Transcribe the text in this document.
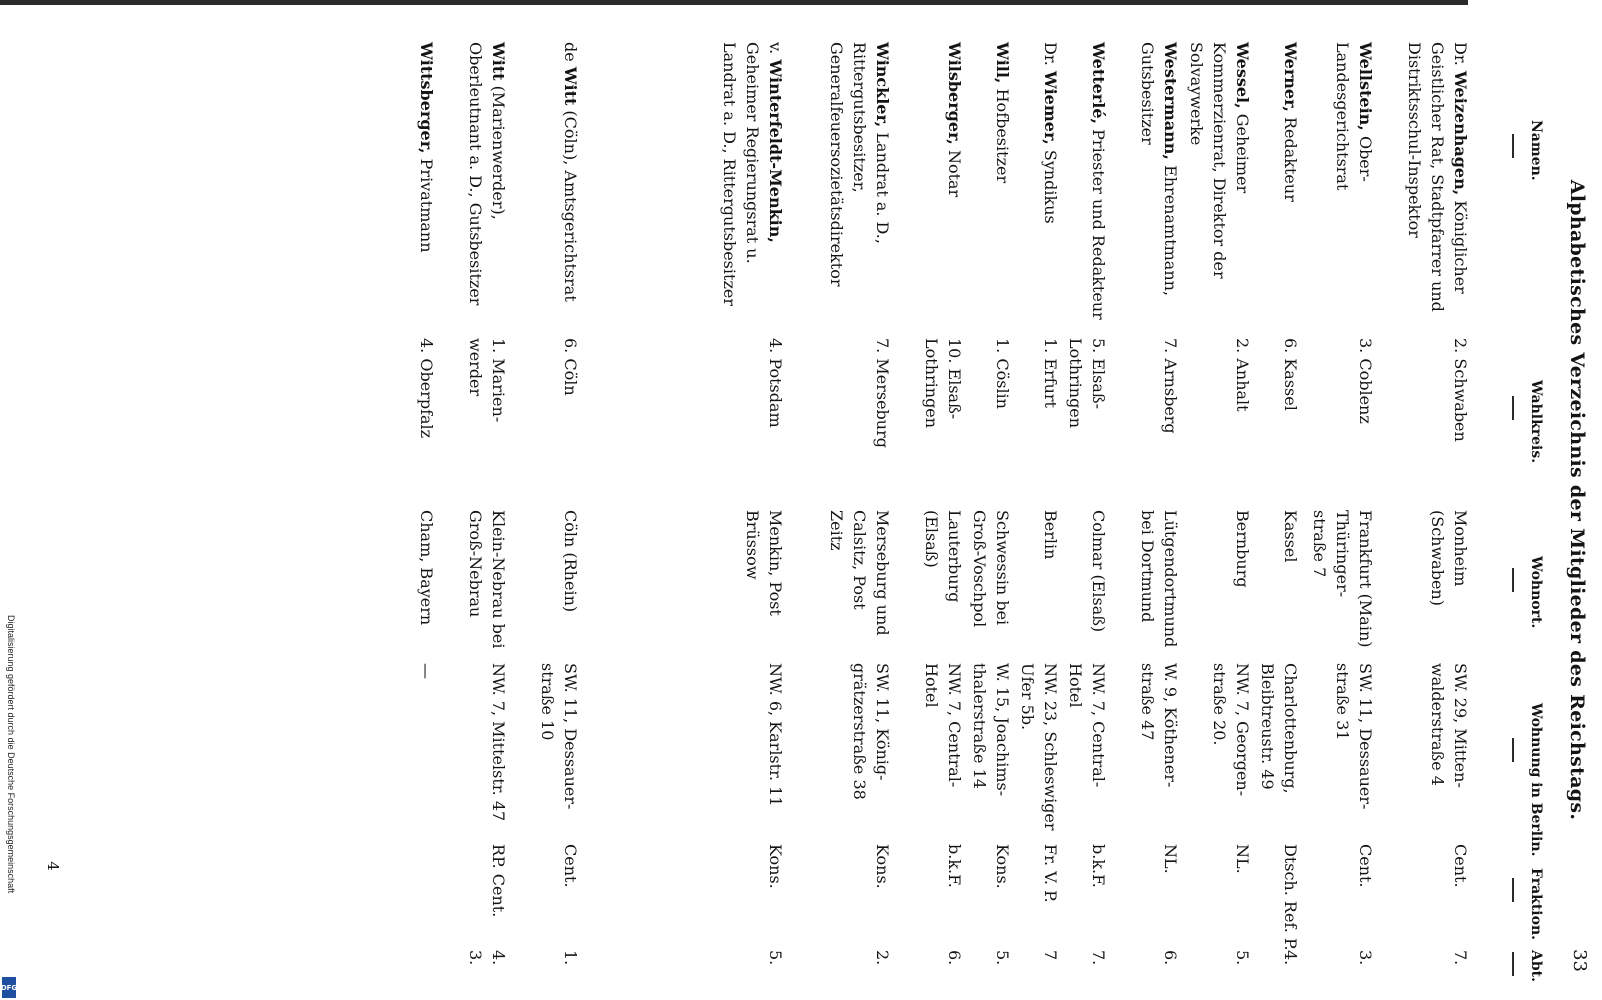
Digitalisierung gefördert durch die Deutsche Forschungsgemeinschaft
DFG
4
Alphabetisches Verzeichnis der Mitglieder des Reichstags.
33
Namen.
Wahlkreis.
Wohnort.
Wohnung in Berlin.
Fraktion.
Abt.
Dr. Weizenhagen, Königlicher Geistlicher Rat, Stadtpfarrer und Distriktsschul-Inspektor
2. Schwaben
Monheim
(Schwaben)
SW. 29, Mitten-
walderstraße 4
Cent.
7.
Wellstein, Ober-Landesgerichtsrat
3. Coblenz
Frankfurt (Main)
Thüringer-
straße 7
SW. 11, Dessauer-
straße 31
Cent.
3.
Werner, Redakteur
6. Kassel
Kassel
Charlottenburg,
Bleibtreustr. 49
Dtsch. Ref. P.
4.
Wessel, Geheimer Kommerzienrat, Direktor der Solvaywerke
2. Anhalt
Bernburg
NW. 7, Georgen-
straße 20.
NL.
5.
Westermann, Ehrenamtmann, Gutsbesitzer
7. Arnsberg
Lütgendortmund
bei Dortmund
W. 9, Köthener-
straße 47
NL.
6.
Wetterlé, Priester und Redakteur
5. Elsaß-
Lothringen
Colmar (Elsaß)
NW. 7, Central-
Hotel
b.k.F.
7.
Dr. Wiemer, Syndikus
1. Erfurt
Berlin
NW. 23, Schleswiger
Ufer 5b.
Fr. V. P.
7
Will, Hofbesitzer
1. Cöslin
Schwessin bei
Groß-Voschpol
W. 15, Joachims-
thalerstraße 14
Kons.
5.
Wilsberger, Notar
10. Elsaß-
Lothringen
Lauterburg
(Elsaß)
NW. 7, Central-
Hotel
b.k.F.
6.
Winckler, Landrat a. D., Rittergutsbesitzer, Generalfeuersozietätsdirektor
7. Merseburg
Merseburg und
Calsitz, Post
Zeitz
SW. 11, König-
grätzerstraße 38
Kons.
2.
v. Winterfeldt-Menkin, Geheimer Regierungsrat u. Landrat a. D., Rittergutsbesitzer
4. Potsdam
Menkin, Post
Brüssow
NW. 6, Karlstr. 11
Kons.
5.
de Witt (Cöln), Amtsgerichtsrat
6. Cöln
Cöln (Rhein)
SW. 11, Dessauer-
straße 10
Cent.
1.
Witt (Marienwerder), Oberleutnant a. D., Gutsbesitzer
1. Marien-
werder
Klein-Nebrau bei
Groß-Nebrau
NW. 7, Mittelstr. 47
RP. Cent.
4.
3.
Wittsberger, Privatmann
4. Oberpfalz
Cham, Bayern
—
